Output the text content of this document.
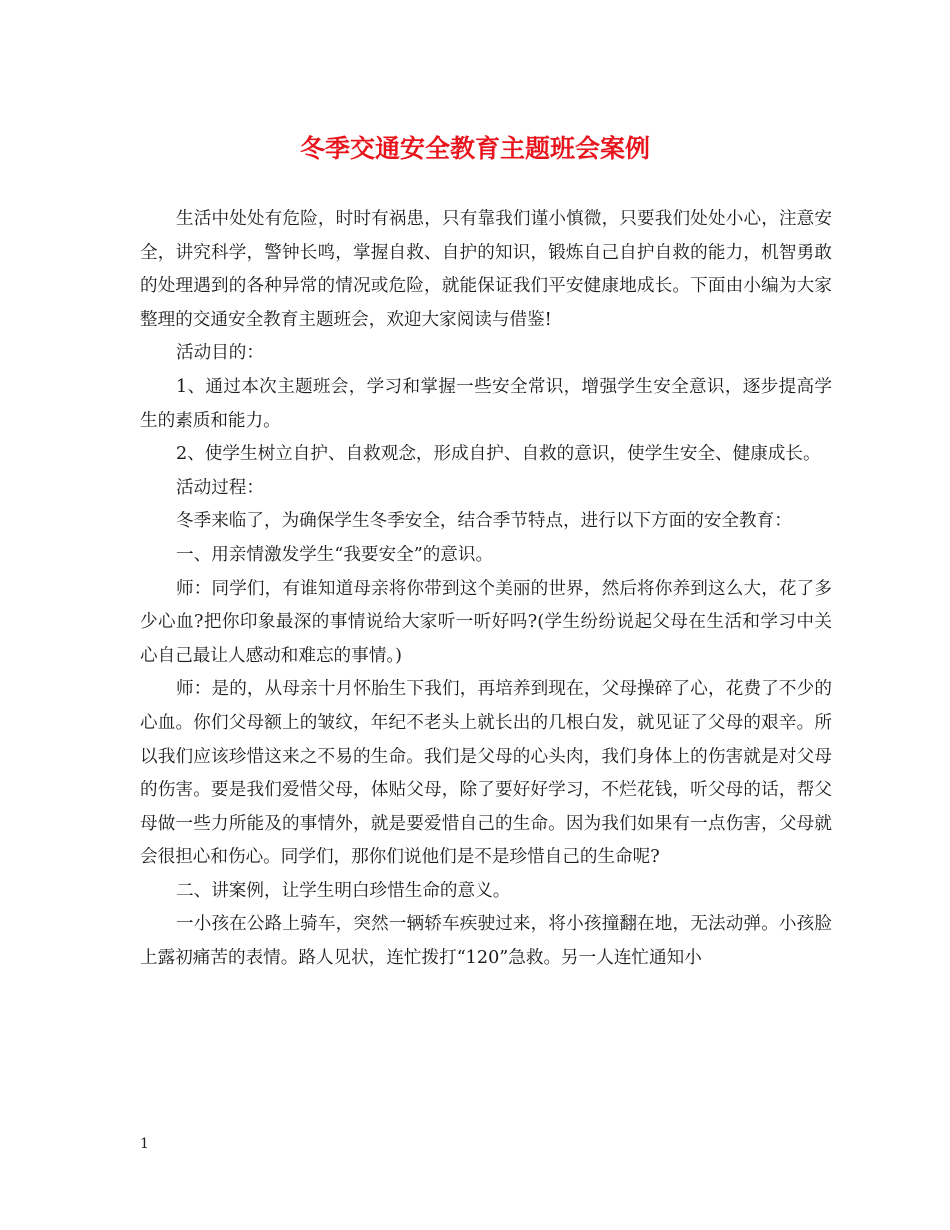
冬季交通安全教育主题班会案例

生活中处处有危险，时时有祸患，只有靠我们谨小慎微，只要我们处处小心，注意安全，讲究科学，警钟长鸣，掌握自救、自护的知识，锻炼自己自护自救的能力，机智勇敢的处理遇到的各种异常的情况或危险，就能保证我们平安健康地成长。下面由小编为大家整理的交通安全教育主题班会，欢迎大家阅读与借鉴!

活动目的：

1、通过本次主题班会，学习和掌握一些安全常识，增强学生安全意识，逐步提高学生的素质和能力。

2、使学生树立自护、自救观念，形成自护、自救的意识，使学生安全、健康成长。

活动过程：

冬季来临了，为确保学生冬季安全，结合季节特点，进行以下方面的安全教育：

一、用亲情激发学生“我要安全”的意识。

师：同学们，有谁知道母亲将你带到这个美丽的世界，然后将你养到这么大，花了多少心血?把你印象最深的事情说给大家听一听好吗?(学生纷纷说起父母在生活和学习中关心自己最让人感动和难忘的事情。)

师：是的，从母亲十月怀胎生下我们，再培养到现在，父母操碎了心，花费了不少的心血。你们父母额上的皱纹，年纪不老头上就长出的几根白发，就见证了父母的艰辛。所以我们应该珍惜这来之不易的生命。我们是父母的心头肉，我们身体上的伤害就是对父母的伤害。要是我们爱惜父母，体贴父母，除了要好好学习，不烂花钱，听父母的话，帮父母做一些力所能及的事情外，就是要爱惜自己的生命。因为我们如果有一点伤害，父母就会很担心和伤心。同学们，那你们说他们是不是珍惜自己的生命呢?

二、讲案例，让学生明白珍惜生命的意义。

一小孩在公路上骑车，突然一辆轿车疾驶过来，将小孩撞翻在地，无法动弹。小孩脸上露初痛苦的表情。路人见状，连忙拨打“120”急救。另一人连忙通知小

1
